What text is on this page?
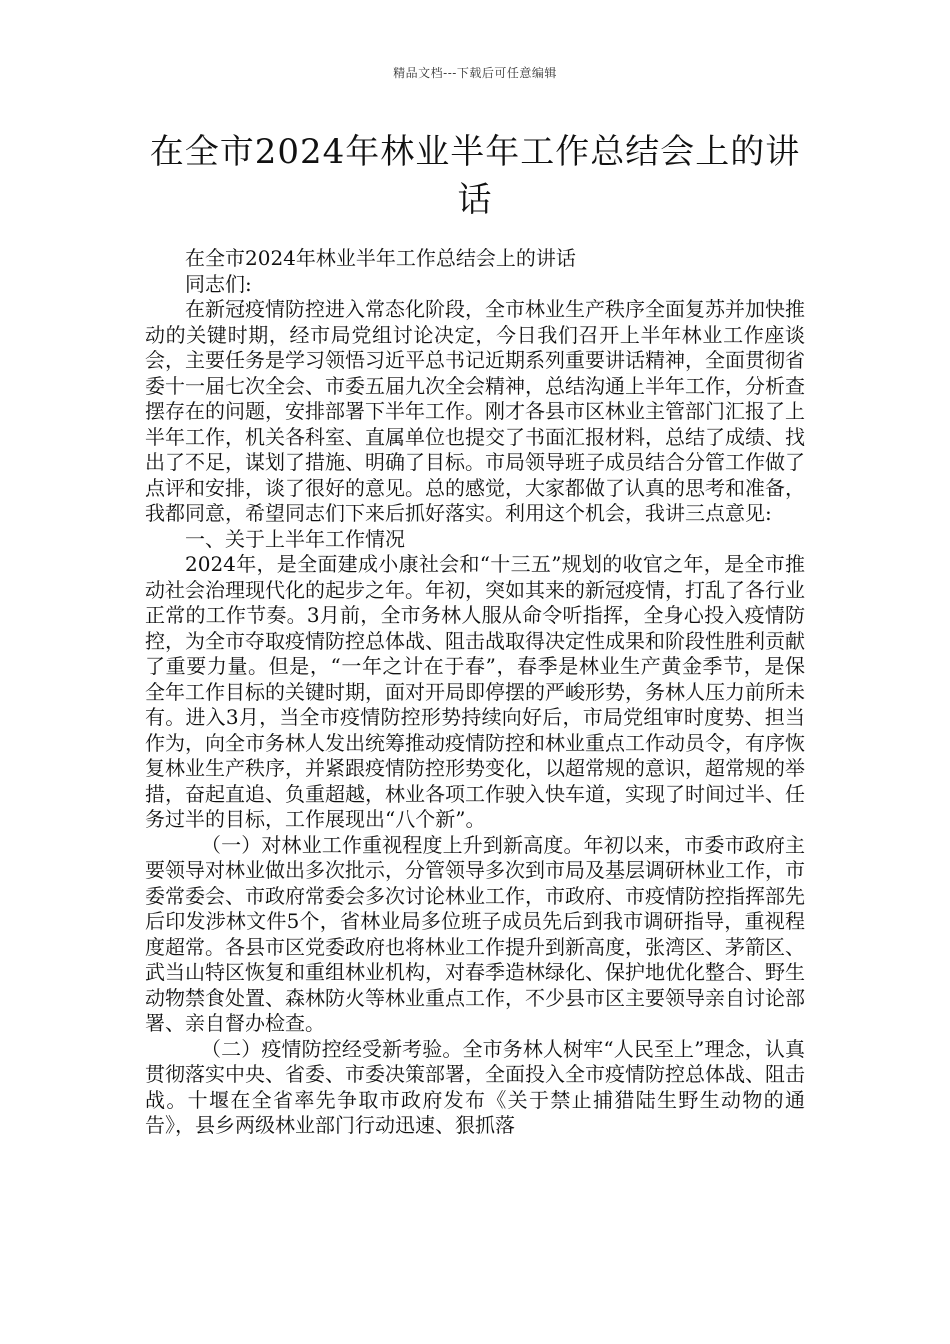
精品文档---下载后可任意编辑
在全市2024年林业半年工作总结会上的讲话

在全市2024年林业半年工作总结会上的讲话

同志们:

在新冠疫情防控进入常态化阶段，全市林业生产秩序全面复苏并加快推动的关键时期，经市局党组讨论决定，今日我们召开上半年林业工作座谈会，主要任务是学习领悟习近平总书记近期系列重要讲话精神，全面贯彻省委十一届七次全会、市委五届九次全会精神，总结沟通上半年工作，分析查摆存在的问题，安排部署下半年工作。刚才各县市区林业主管部门汇报了上半年工作，机关各科室、直属单位也提交了书面汇报材料，总结了成绩、找出了不足，谋划了措施、明确了目标。市局领导班子成员结合分管工作做了点评和安排，谈了很好的意见。总的感觉，大家都做了认真的思考和准备，我都同意，希望同志们下来后抓好落实。利用这个机会，我讲三点意见:

一、关于上半年工作情况

2024年，是全面建成小康社会和“十三五”规划的收官之年，是全市推动社会治理现代化的起步之年。年初，突如其来的新冠疫情，打乱了各行业正常的工作节奏。3月前，全市务林人服从命令听指挥，全身心投入疫情防控，为全市夺取疫情防控总体战、阻击战取得决定性成果和阶段性胜利贡献了重要力量。但是，“一年之计在于春”，春季是林业生产黄金季节，是保全年工作目标的关键时期，面对开局即停摆的严峻形势，务林人压力前所未有。进入3月，当全市疫情防控形势持续向好后，市局党组审时度势、担当作为，向全市务林人发出统筹推动疫情防控和林业重点工作动员令，有序恢复林业生产秩序，并紧跟疫情防控形势变化，以超常规的意识，超常规的举措，奋起直追、负重超越，林业各项工作驶入快车道，实现了时间过半、任务过半的目标，工作展现出“八个新”。

（一）对林业工作重视程度上升到新高度。年初以来，市委市政府主要领导对林业做出多次批示，分管领导多次到市局及基层调研林业工作，市委常委会、市政府常委会多次讨论林业工作，市政府、市疫情防控指挥部先后印发涉林文件5个，省林业局多位班子成员先后到我市调研指导，重视程度超常。各县市区党委政府也将林业工作提升到新高度，张湾区、茅箭区、武当山特区恢复和重组林业机构，对春季造林绿化、保护地优化整合、野生动物禁食处置、森林防火等林业重点工作，不少县市区主要领导亲自讨论部署、亲自督办检查。

（二）疫情防控经受新考验。全市务林人树牢“人民至上”理念，认真贯彻落实中央、省委、市委决策部署，全面投入全市疫情防控总体战、阻击战。十堰在全省率先争取市政府发布《关于禁止捕猎陆生野生动物的通告》，县乡两级林业部门行动迅速、狠抓落
